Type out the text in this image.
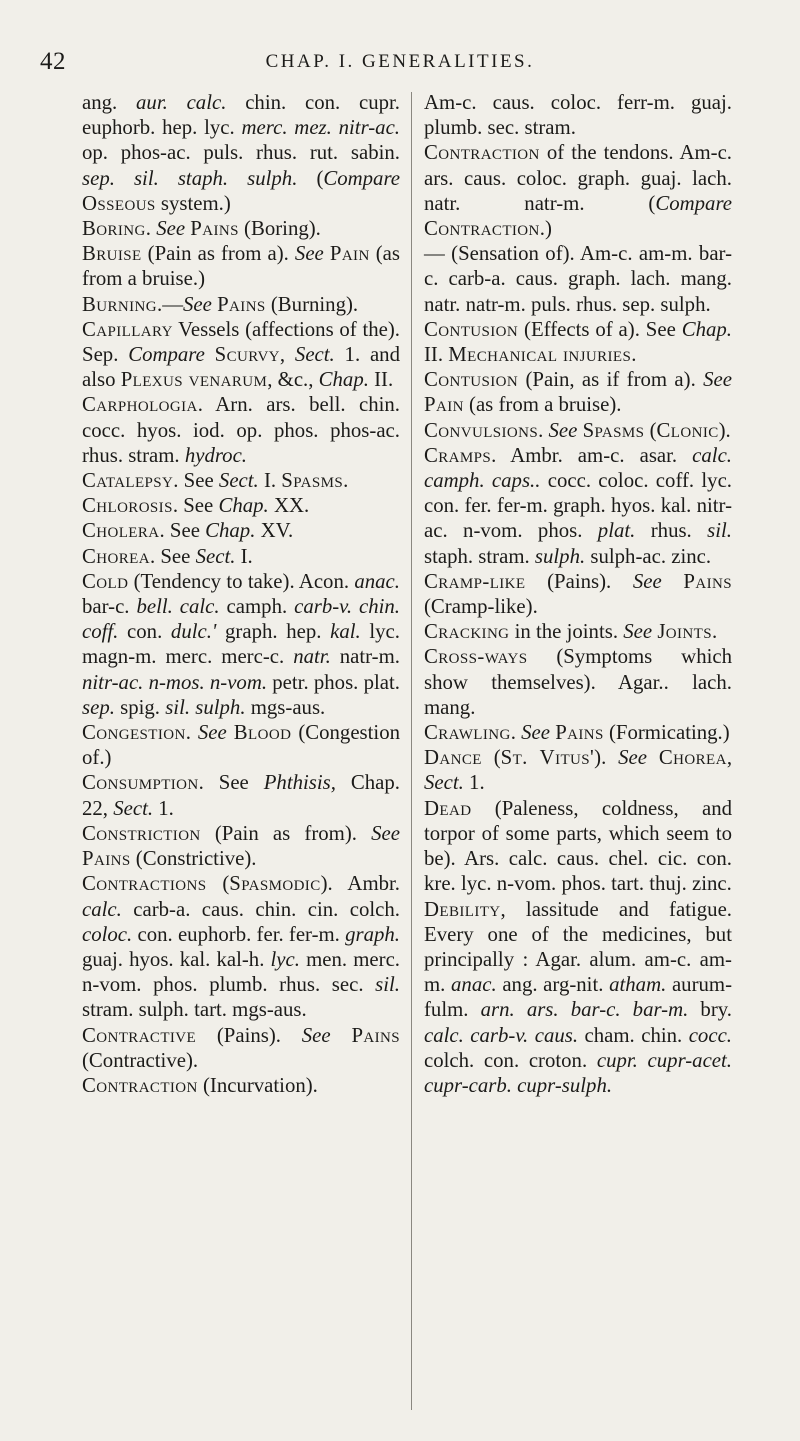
42	CHAP. I. GENERALITIES.

ang. aur. calc. chin. con. cupr. euphorb. hep. lyc. merc. mez. nitr-ac. op. phos-ac. puls. rhus. rut. sabin. sep. sil. staph. sulph. (Compare Osseous system.)

Boring. See Pains (Boring).

Bruise (Pain as from a). See Pain (as from a bruise.)

Burning.—See Pains (Burning).

Capillary Vessels (affections of the). Sep. Compare Scurvy, Sect. 1. and also Plexus venarum, &c., Chap. II.

Carphologia. Arn. ars. bell. chin. cocc. hyos. iod. op. phos. phos-ac. rhus. stram. hydroc.

Catalepsy. See Sect. I. Spasms.

Chlorosis. See Chap. XX.

Cholera. See Chap. XV.

Chorea. See Sect. I.

Cold (Tendency to take). Acon. anac. bar-c. bell. calc. camph. carb-v. chin. coff. con. dulc.' graph. hep. kal. lyc. magn-m. merc. merc-c. natr. natr-m. nitr-ac. n-mos. n-vom. petr. phos. plat. sep. spig. sil. sulph. mgs-aus.

Congestion. See Blood (Congestion of.)

Consumption. See Phthisis, Chap. 22, Sect. 1.

Constriction (Pain as from). See Pains (Constrictive).

Contractions (Spasmodic). Ambr. calc. carb-a. caus. chin. cin. colch. coloc. con. euphorb. fer. fer-m. graph. guaj. hyos. kal. kal-h. lyc. men. merc. n-vom. phos. plumb. rhus. sec. sil. stram. sulph. tart. mgs-aus.

Contractive (Pains). See Pains (Contractive).

Contraction (Incurvation).

Am-c. caus. coloc. ferr-m. guaj. plumb. sec. stram.

Contraction of the tendons. Am-c. ars. caus. coloc. graph. guaj. lach. natr. natr-m. (Compare Contraction.)

— (Sensation of). Am-c. am-m. bar-c. carb-a. caus. graph. lach. mang. natr. natr-m. puls. rhus. sep. sulph.

Contusion (Effects of a). See Chap. II. Mechanical injuries.

Contusion (Pain, as if from a). See Pain (as from a bruise).

Convulsions. See Spasms (Clonic).

Cramps. Ambr. am-c. asar. calc. camph. caps.. cocc. coloc. coff. lyc. con. fer. fer-m. graph. hyos. kal. nitr-ac. n-vom. phos. plat. rhus. sil. staph. stram. sulph. sulph-ac. zinc.

Cramp-like (Pains). See Pains (Cramp-like).

Cracking in the joints. See Joints.

Cross-ways (Symptoms which show themselves). Agar.. lach. mang.

Crawling. See Pains (Formicating.)

Dance (St. Vitus'). See Chorea, Sect. 1.

Dead (Paleness, coldness, and torpor of some parts, which seem to be). Ars. calc. caus. chel. cic. con. kre. lyc. n-vom. phos. tart. thuj. zinc.

Debility, lassitude and fatigue. Every one of the medicines, but principally : Agar. alum. am-c. am-m. anac. ang. arg-nit. atham. aurum-fulm. arn. ars. bar-c. bar-m. bry. calc. carb-v. caus. cham. chin. cocc. colch. con. croton. cupr. cupr-acet. cupr-carb. cupr-sulph.
